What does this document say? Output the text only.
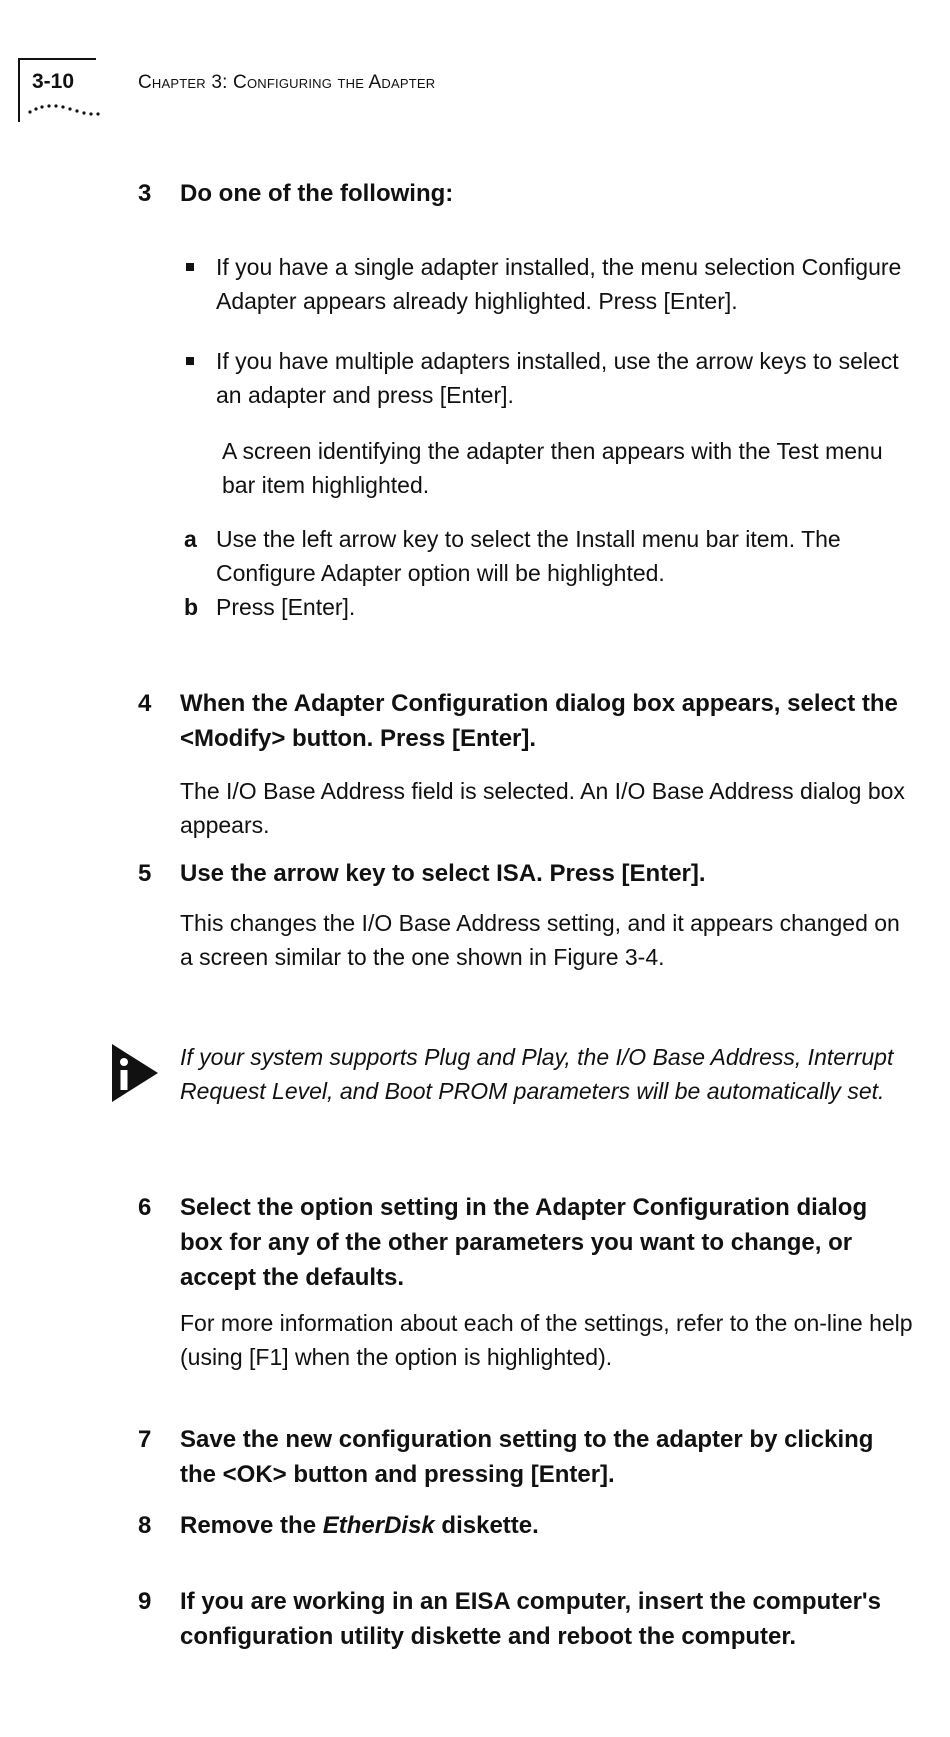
3-10	Chapter 3: Configuring the Adapter
3 Do one of the following:
If you have a single adapter installed, the menu selection Configure Adapter appears already highlighted. Press [Enter].
If you have multiple adapters installed, use the arrow keys to select an adapter and press [Enter].
A screen identifying the adapter then appears with the Test menu bar item highlighted.
a Use the left arrow key to select the Install menu bar item. The Configure Adapter option will be highlighted.
b Press [Enter].
4 When the Adapter Configuration dialog box appears, select the <Modify> button. Press [Enter].
The I/O Base Address field is selected. An I/O Base Address dialog box appears.
5 Use the arrow key to select ISA. Press [Enter].
This changes the I/O Base Address setting, and it appears changed on a screen similar to the one shown in Figure 3-4.
If your system supports Plug and Play, the I/O Base Address, Interrupt Request Level, and Boot PROM parameters will be automatically set.
6 Select the option setting in the Adapter Configuration dialog box for any of the other parameters you want to change, or accept the defaults.
For more information about each of the settings, refer to the on-line help (using [F1] when the option is highlighted).
7 Save the new configuration setting to the adapter by clicking the <OK> button and pressing [Enter].
8 Remove the EtherDisk diskette.
9 If you are working in an EISA computer, insert the computer's configuration utility diskette and reboot the computer.
